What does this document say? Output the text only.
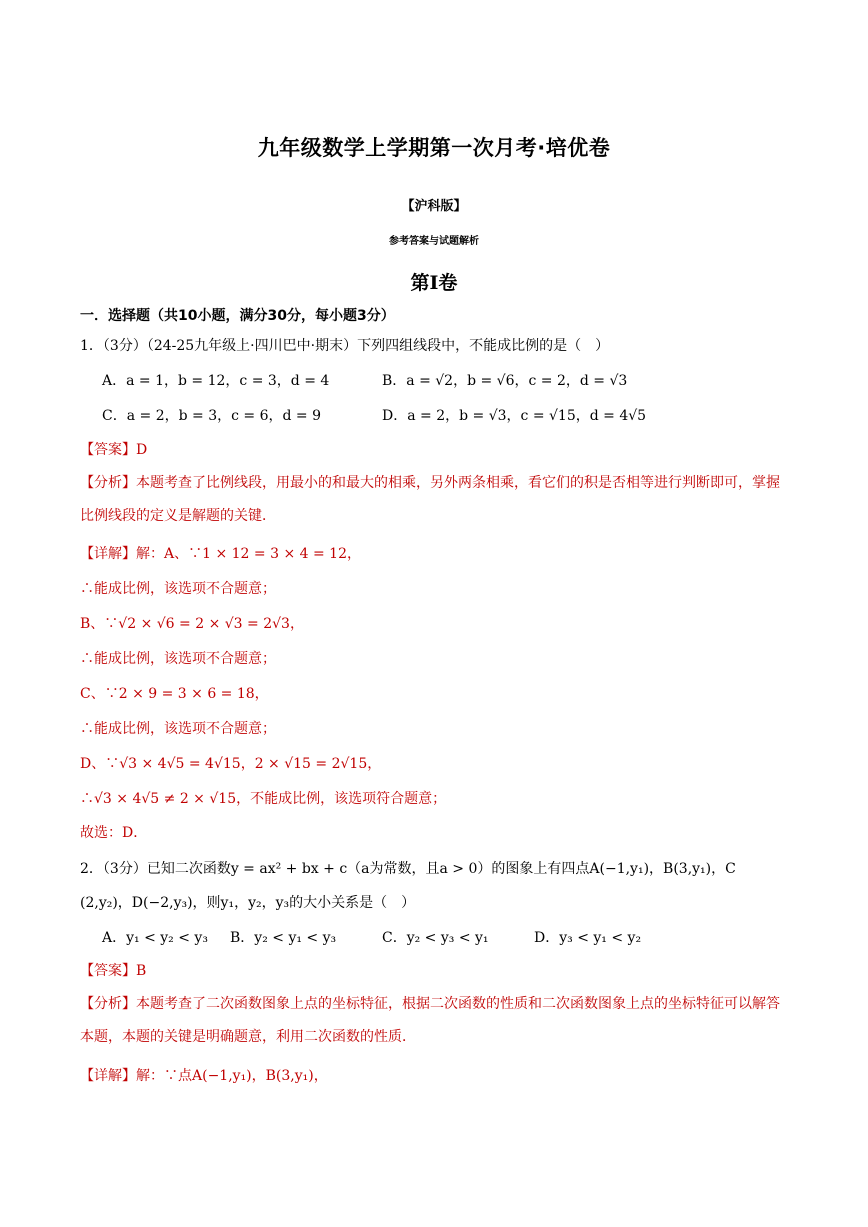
九年级数学上学期第一次月考·培优卷
【沪科版】
参考答案与试题解析
第Ⅰ卷
一．选择题（共10小题，满分30分，每小题3分）
1．（3分）（24-25九年级上·四川巴中·期末）下列四组线段中，不能成比例的是（　）
A．a = 1，b = 12，c = 3，d = 4	B．a = √2，b = √6，c = 2，d = √3
C．a = 2，b = 3，c = 6，d = 9	D．a = 2，b = √3，c = √15，d = 4√5
【答案】D
【分析】本题考查了比例线段，用最小的和最大的相乘，另外两条相乘，看它们的积是否相等进行判断即可，掌握比例线段的定义是解题的关键．
【详解】解：A、∵1 × 12 = 3 × 4 = 12，
∴能成比例，该选项不合题意；
B、∵√2 × √6 = 2 × √3 = 2√3，
∴能成比例，该选项不合题意；
C、∵2 × 9 = 3 × 6 = 18，
∴能成比例，该选项不合题意；
D、∵√3 × 4√5 = 4√15，2 × √15 = 2√15，
∴√3 × 4√5 ≠ 2 × √15，不能成比例，该选项符合题意；
故选：D．
2．（3分）已知二次函数y = ax² + bx + c（a为常数，且a > 0）的图象上有四点A(−1,y₁)，B(3,y₁)，C
(2,y₂)，D(−2,y₃)，则y₁，y₂，y₃的大小关系是（　）
A．y₁ < y₂ < y₃ B．y₂ < y₁ < y₃	C．y₂ < y₃ < y₁	D．y₃ < y₁ < y₂
【答案】B
【分析】本题考查了二次函数图象上点的坐标特征，根据二次函数的性质和二次函数图象上点的坐标特征可以解答本题，本题的关键是明确题意，利用二次函数的性质．
【详解】解：∵点A(−1,y₁)，B(3,y₁)，
